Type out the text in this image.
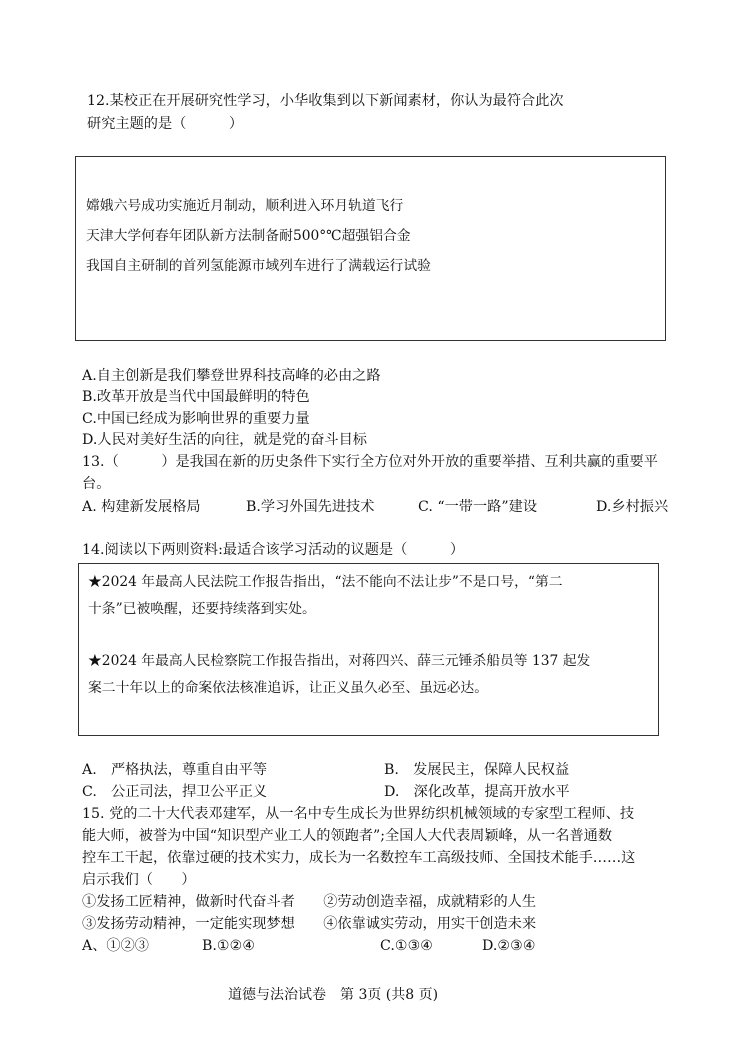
12.某校正在开展研究性学习，小华收集到以下新闻素材，你认为最符合此次

研究主题的是（　　　）

嫦娥六号成功实施近月制动，顺利进入环月轨道飞行
天津大学何春年团队新方法制备耐500°℃超强铝合金
我国自主研制的首列氢能源市域列车进行了满载运行试验

A.自主创新是我们攀登世界科技高峰的必由之路

B.改革开放是当代中国最鲜明的特色

C.中国已经成为影响世界的重要力量

D.人民对美好生活的向往，就是党的奋斗目标

13.（　　　）是我国在新的历史条件下实行全方位对外开放的重要举措、互利共赢的重要平

台。

A. 构建新发展格局	B.学习外国先进技术	C. “一带一路”建设	D.乡村振兴

14.阅读以下两则资料:最适合该学习活动的议题是（　　　）

★2024 年最高人民法院工作报告指出，“法不能向不法让步”不是口号，“第二
十条”已被唤醒，还要持续落到实处。
★2024 年最高人民检察院工作报告指出，对蒋四兴、薛三元锤杀船员等 137 起发
案二十年以上的命案依法核准追诉，让正义虽久必至、虽远必达。
A.　严格执法，尊重自由平等	B.　发展民主，保障人民权益
C.　公正司法，捍卫公平正义	D.　深化改革，提高开放水平

15. 党的二十大代表邓建军，从一名中专生成长为世界纺织机械领域的专家型工程师、技

能大师，被誉为中国“知识型产业工人的领跑者”;全国人大代表周颖峰，从一名普通数

控车工干起，依靠过硬的技术实力，成长为一名数控车工高级技师、全国技术能手……这

启示我们（　　）

①发扬工匠精神，做新时代奋斗者　　②劳动创造幸福，成就精彩的人生

③发扬劳动精神，一定能实现梦想　　④依靠诚实劳动，用实干创造未来

A、①②③	B.①②④	C.①③④	D.②③④

道德与法治试卷　第 3页 (共8 页)
